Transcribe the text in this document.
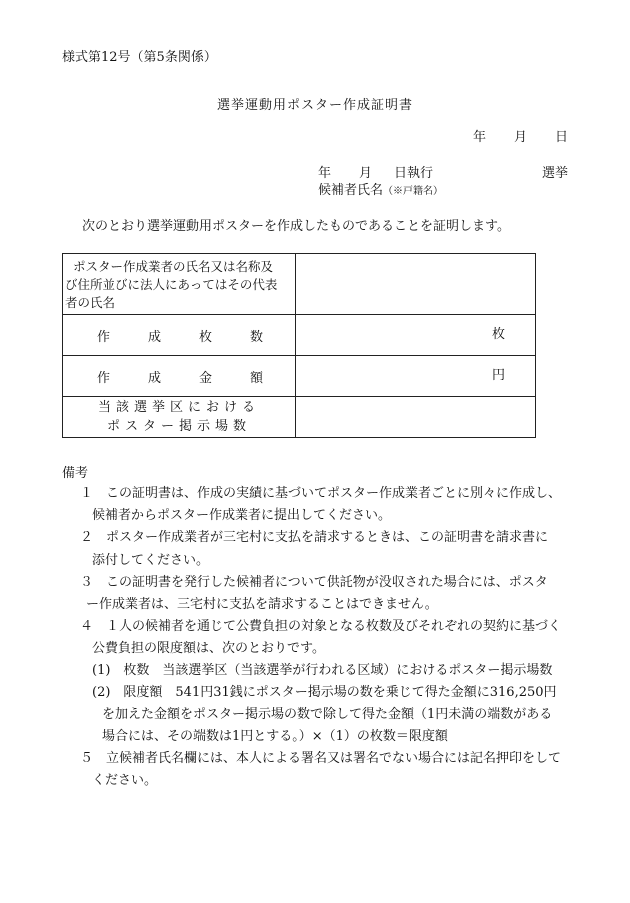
様式第12号（第5条関係）
選挙運動用ポスター作成証明書
年 月 日
年 月 日執行	選挙
候補者氏名（※戸籍名）
次のとおり選挙運動用ポスターを作成したものであることを証明します。
ポスター作成業者の氏名又は名称及
び住所並びに法人にあってはその代表
者の氏名	

作 成 枚 数	枚

作 成 金 額	円

当該選挙区における
ポスター掲示場数	

備考
１　この証明書は、作成の実績に基づいてポスター作成業者ごとに別々に作成し、
候補者からポスター作成業者に提出してください。
２　ポスター作成業者が三宅村に支払を請求するときは、この証明書を請求書に
添付してください。
３　この証明書を発行した候補者について供託物が没収された場合には、ポスタ
ー作成業者は、三宅村に支払を請求することはできません。
４　１人の候補者を通じて公費負担の対象となる枚数及びそれぞれの契約に基づく
公費負担の限度額は、次のとおりです。
(1)　枚数　当該選挙区（当該選挙が行われる区域）におけるポスター掲示場数
(2)　限度額　541円31銭にポスター掲示場の数を乗じて得た金額に316,250円
を加えた金額をポスター掲示場の数で除して得た金額（1円未満の端数がある
場合には、その端数は1円とする。）×（1）の枚数＝限度額
５　立候補者氏名欄には、本人による署名又は署名でない場合には記名押印をして
ください。
